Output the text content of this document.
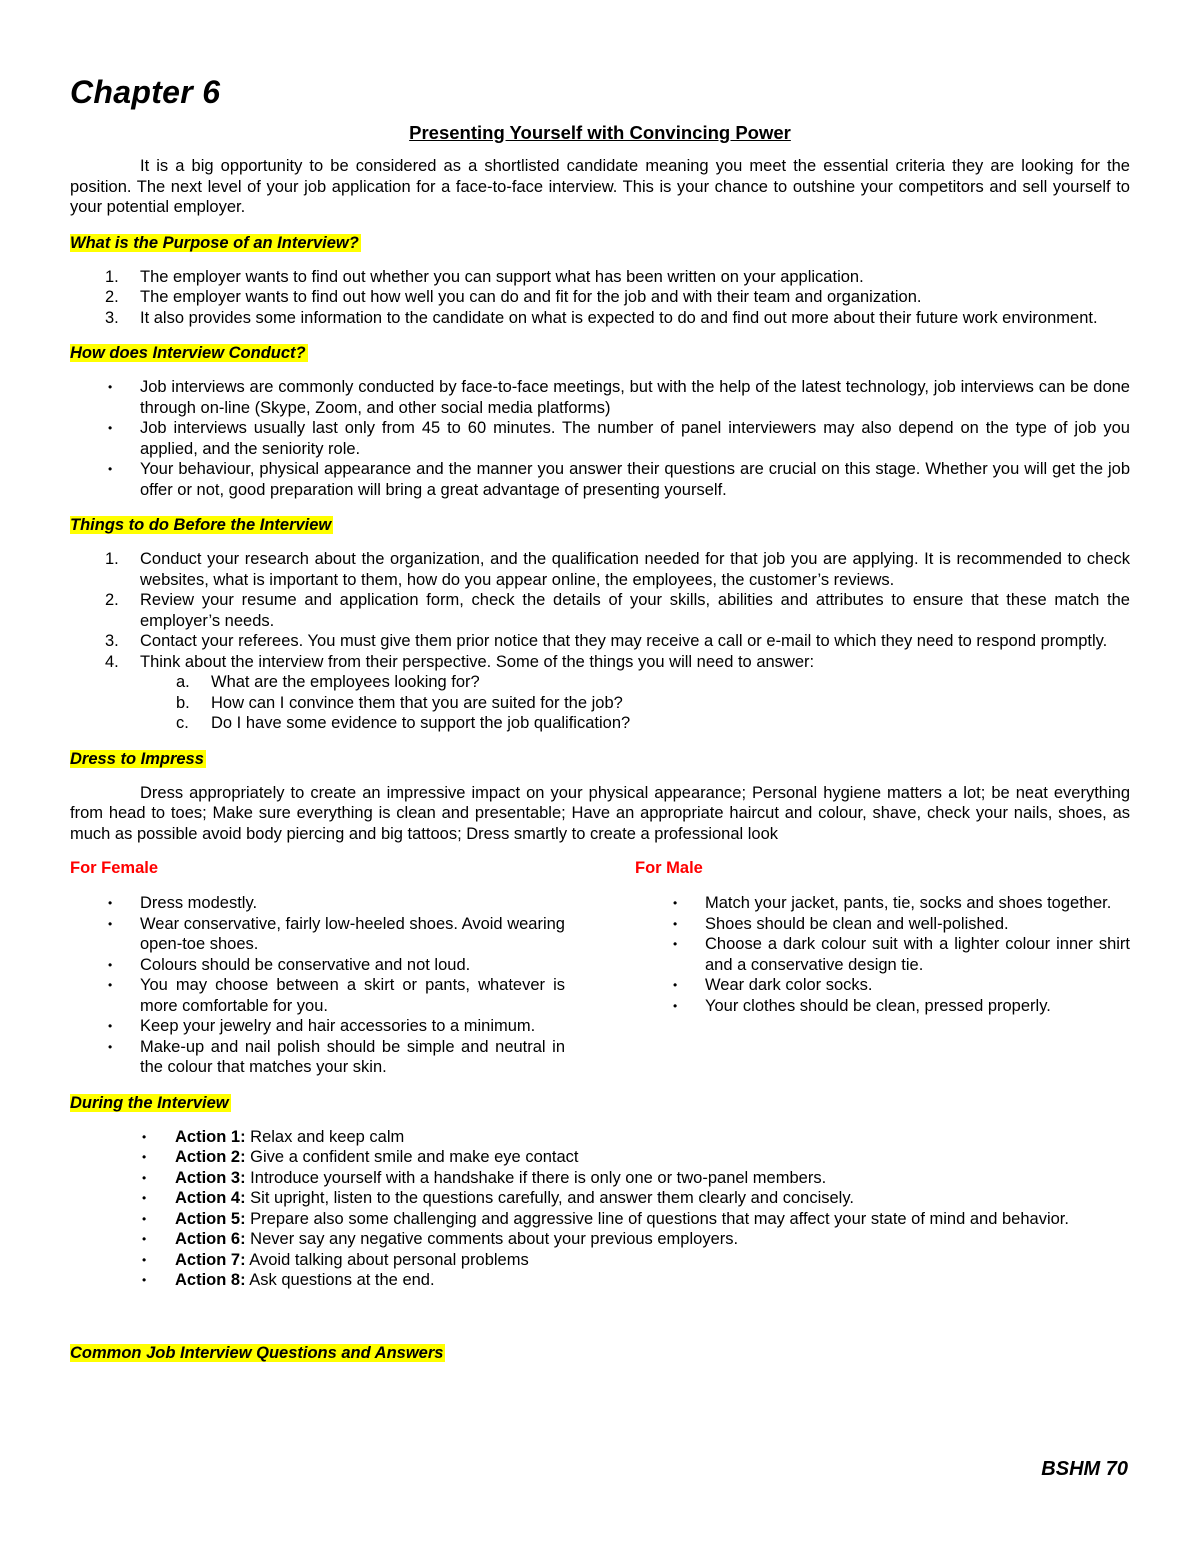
Chapter 6
Presenting Yourself with Convincing Power

It is a big opportunity to be considered as a shortlisted candidate meaning you meet the essential criteria they are looking for the position. The next level of your job application for a face-to-face interview. This is your chance to outshine your competitors and sell yourself to your potential employer.

What is the Purpose of an Interview?
1. The employer wants to find out whether you can support what has been written on your application.
2. The employer wants to find out how well you can do and fit for the job and with their team and organization.
3. It also provides some information to the candidate on what is expected to do and find out more about their future work environment.
How does Interview Conduct?
• Job interviews are commonly conducted by face-to-face meetings, but with the help of the latest technology, job interviews can be done through on-line (Skype, Zoom, and other social media platforms)
• Job interviews usually last only from 45 to 60 minutes. The number of panel interviewers may also depend on the type of job you applied, and the seniority role.
• Your behaviour, physical appearance and the manner you answer their questions are crucial on this stage. Whether you will get the job offer or not, good preparation will bring a great advantage of presenting yourself.
Things to do Before the Interview
1. Conduct your research about the organization, and the qualification needed for that job you are applying. It is recommended to check websites, what is important to them, how do you appear online, the employees, the customer’s reviews.
2. Review your resume and application form, check the details of your skills, abilities and attributes to ensure that these match the employer’s needs.
3. Contact your referees. You must give them prior notice that they may receive a call or e-mail to which they need to respond promptly.
4. Think about the interview from their perspective. Some of the things you will need to answer:
a. What are the employees looking for?
b. How can I convince them that you are suited for the job?
c. Do I have some evidence to support the job qualification?
Dress to Impress

Dress appropriately to create an impressive impact on your physical appearance; Personal hygiene matters a lot; be neat everything from head to toes; Make sure everything is clean and presentable; Have an appropriate haircut and colour, shave, check your nails, shoes, as much as possible avoid body piercing and big tattoos; Dress smartly to create a professional look

For Female
• Dress modestly.
• Wear conservative, fairly low-heeled shoes. Avoid wearing open-toe shoes.
• Colours should be conservative and not loud.
• You may choose between a skirt or pants, whatever is more comfortable for you.
• Keep your jewelry and hair accessories to a minimum.
• Make-up and nail polish should be simple and neutral in the colour that matches your skin.
For Male
• Match your jacket, pants, tie, socks and shoes together.
• Shoes should be clean and well-polished.
• Choose a dark colour suit with a lighter colour inner shirt and a conservative design tie.
• Wear dark color socks.
• Your clothes should be clean, pressed properly.
During the Interview
• Action 1: Relax and keep calm
• Action 2: Give a confident smile and make eye contact
• Action 3: Introduce yourself with a handshake if there is only one or two-panel members.
• Action 4: Sit upright, listen to the questions carefully, and answer them clearly and concisely.
• Action 5: Prepare also some challenging and aggressive line of questions that may affect your state of mind and behavior.
• Action 6: Never say any negative comments about your previous employers.
• Action 7: Avoid talking about personal problems
• Action 8: Ask questions at the end.
Common Job Interview Questions and Answers
BSHM 70
